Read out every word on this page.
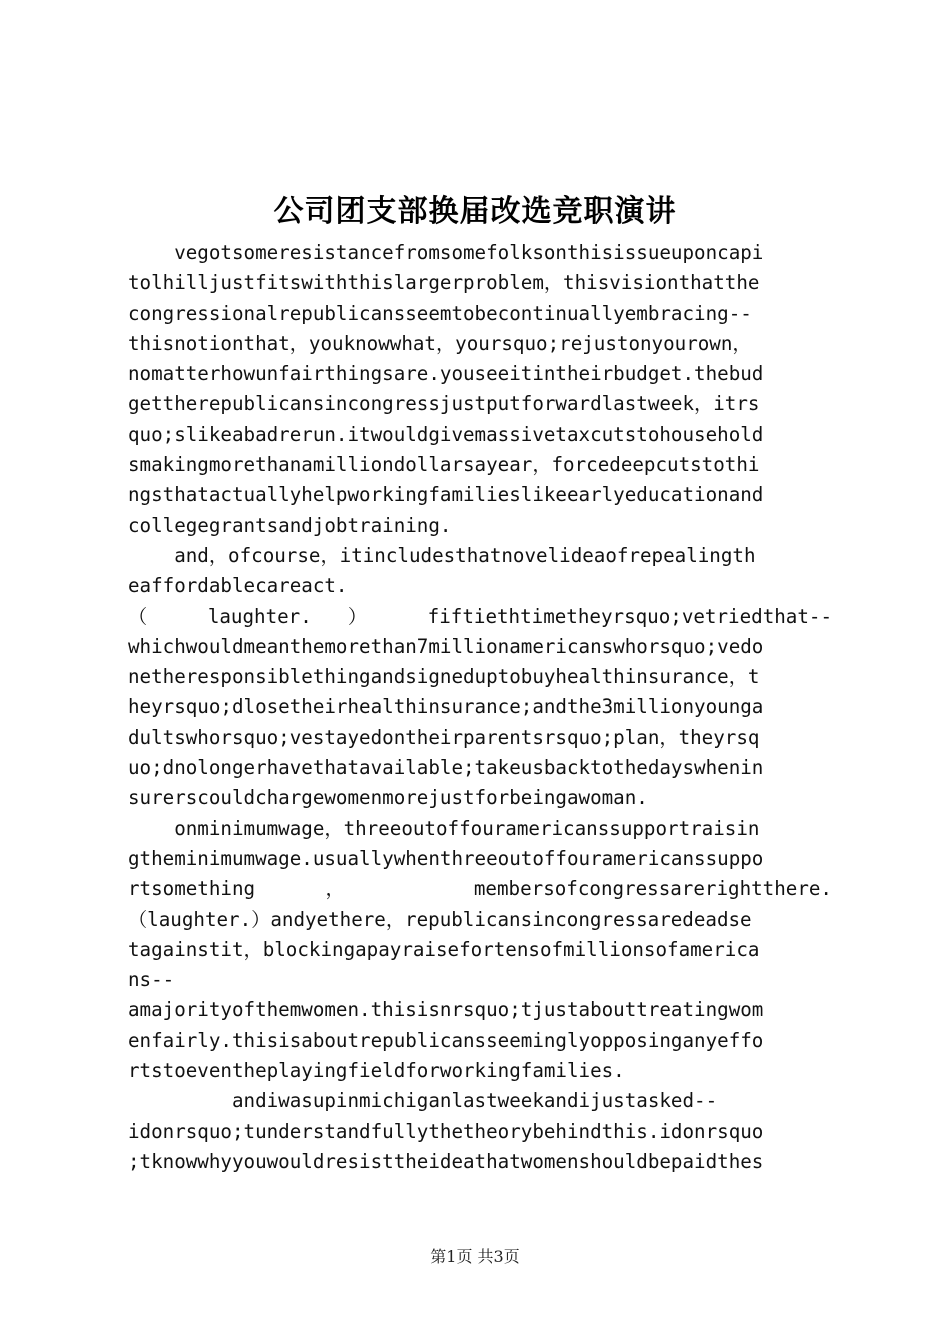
公司团支部换届改选竞职演讲
vegotsomeresistancefromsomefolksonthisissueuponcapi
tolhilljustfitswiththislargerproblem，thisvisionthatthe
congressionalrepublicansseemtobecontinuallyembracing--
thisnotionthat，youknowwhat，yoursquo;rejustonyourown，
nomatterhowunfairthingsare.youseeitintheirbudget.thebud
gettherepublicansincongressjustputforwardlastweek，itrs
quo;slikeabadrerun.itwouldgivemassivetaxcutstohousehold
smakingmorethanamilliondollarsayear，forcedeepcutstothi
ngsthatactuallyhelpworkingfamilieslikeearlyeducationand
collegegrantsandjobtraining.
and，ofcourse，itincludesthatnovelideaofrepealingth
eaffordablecareact.
（ laughter. ） fiftiethtimetheyrsquo;vetriedthat--
whichwouldmeanthemorethan7millionamericanswhorsquo;vedo
netheresponsiblethingandsigneduptobuyhealthinsurance，t
heyrsquo;dlosetheirhealthinsurance;andthe3millionyounga
dultswhorsquo;vestayedontheirparentsrsquo;plan，theyrsq
uo;dnolongerhavethatavailable;takeusbacktothedayswhenin
surerscouldchargewomenmorejustforbeingawoman.
onminimumwage，threeoutoffouramericanssupportraisin
gtheminimumwage.usuallywhenthreeoutoffouramericanssuppo
rtsomething ， membersofcongressarerightthere.
（laughter.）andyethere，republicansincongressaredeadse
tagainstit，blockingapayraisefortensofmillionsofamerica
ns--
amajorityofthemwomen.thisisnrsquo;tjustabouttreatingwom
enfairly.thisisaboutrepublicansseeminglyopposinganyeffo
rtstoeventheplayingfieldforworkingfamilies.
andiwasupinmichiganlastweekandijustasked--
idonrsquo;tunderstandfullythetheorybehindthis.idonrsquo
;tknowwhyyouwouldresisttheideathatwomenshouldbepaidthes
第1页 共3页
